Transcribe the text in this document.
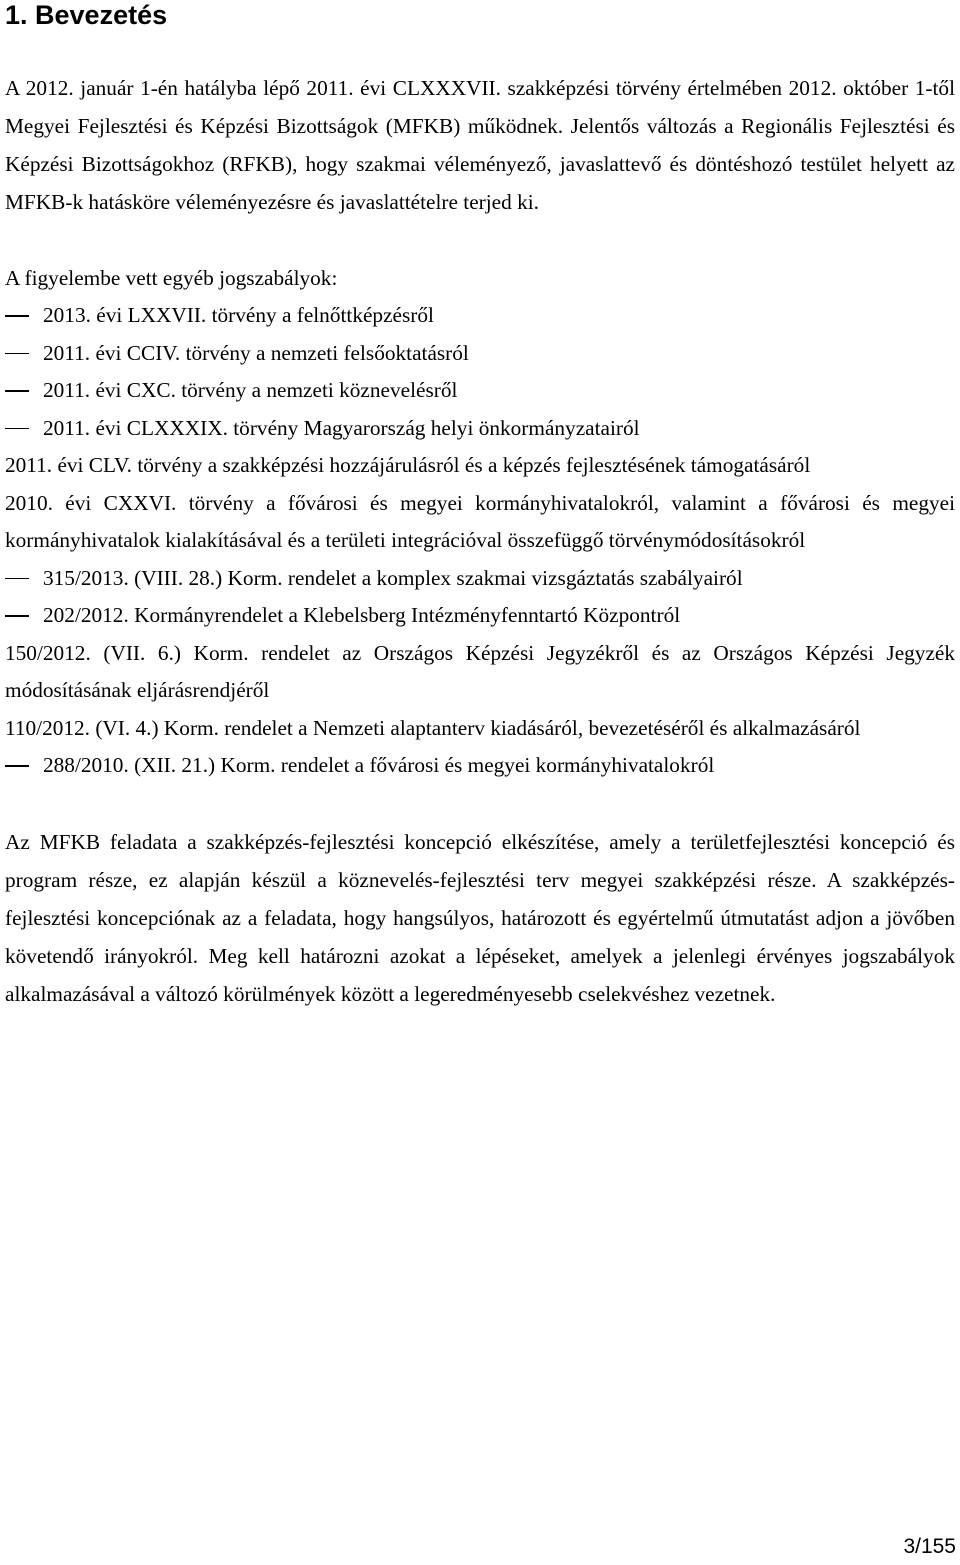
1. Bevezetés

A 2012. január 1-én hatályba lépő 2011. évi CLXXXVII. szakképzési törvény értelmében 2012. október 1-től Megyei Fejlesztési és Képzési Bizottságok (MFKB) működnek. Jelentős változás a Regionális Fejlesztési és Képzési Bizottságokhoz (RFKB), hogy szakmai véleményező, javaslattevő és döntéshozó testület helyett az MFKB-k hatásköre véleményezésre és javaslattételre terjed ki.

A figyelembe vett egyéb jogszabályok:

2013. évi LXXVII. törvény a felnőttképzésről
2011. évi CCIV. törvény a nemzeti felsőoktatásról
2011. évi CXC. törvény a nemzeti köznevelésről
2011. évi CLXXXIX. törvény Magyarország helyi önkormányzatairól
2011. évi CLV. törvény a szakképzési hozzájárulásról és a képzés fejlesztésének támogatásáról
2010. évi CXXVI. törvény a fővárosi és megyei kormányhivatalokról, valamint a fővárosi és megyei kormányhivatalok kialakításával és a területi integrációval összefüggő törvénymódosításokról
315/2013. (VIII. 28.) Korm. rendelet a komplex szakmai vizsgáztatás szabályairól
202/2012. Kormányrendelet a Klebelsberg Intézményfenntartó Központról
150/2012. (VII. 6.) Korm. rendelet az Országos Képzési Jegyzékről és az Országos Képzési Jegyzék módosításának eljárásrendjéről
110/2012. (VI. 4.) Korm. rendelet a Nemzeti alaptanterv kiadásáról, bevezetéséről és alkalmazásáról
288/2010. (XII. 21.) Korm. rendelet a fővárosi és megyei kormányhivatalokról

Az MFKB feladata a szakképzés-fejlesztési koncepció elkészítése, amely a területfejlesztési koncepció és program része, ez alapján készül a köznevelés-fejlesztési terv megyei szakképzési része. A szakképzés-fejlesztési koncepciónak az a feladata, hogy hangsúlyos, határozott és egyértelmű útmutatást adjon a jövőben követendő irányokról. Meg kell határozni azokat a lépéseket, amelyek a jelenlegi érvényes jogszabályok alkalmazásával a változó körülmények között a legeredményesebb cselekvéshez vezetnek.

3/155
